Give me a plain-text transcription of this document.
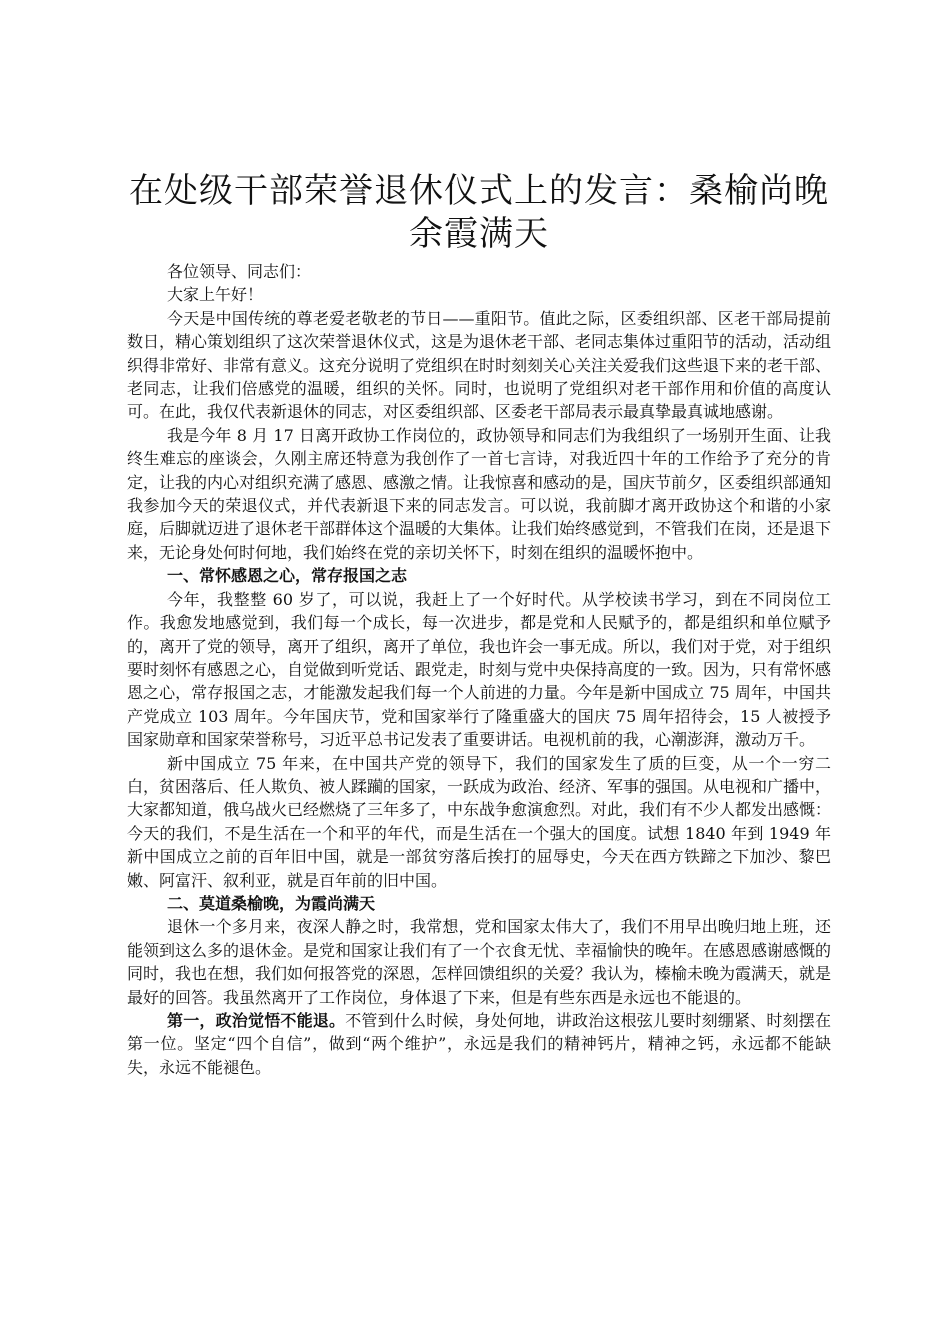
在处级干部荣誉退休仪式上的发言：桑榆尚晚余霞满天

各位领导、同志们：

大家上午好！

今天是中国传统的尊老爱老敬老的节日——重阳节。值此之际，区委组织部、区老干部局提前数日，精心策划组织了这次荣誉退休仪式，这是为退休老干部、老同志集体过重阳节的活动，活动组织得非常好、非常有意义。这充分说明了党组织在时时刻刻关心关注关爱我们这些退下来的老干部、老同志，让我们倍感党的温暖，组织的关怀。同时，也说明了党组织对老干部作用和价值的高度认可。在此，我仅代表新退休的同志，对区委组织部、区委老干部局表示最真挚最真诚地感谢。

我是今年 8 月 17 日离开政协工作岗位的，政协领导和同志们为我组织了一场别开生面、让我终生难忘的座谈会，久刚主席还特意为我创作了一首七言诗，对我近四十年的工作给予了充分的肯定，让我的内心对组织充满了感恩、感激之情。让我惊喜和感动的是，国庆节前夕，区委组织部通知我参加今天的荣退仪式，并代表新退下来的同志发言。可以说，我前脚才离开政协这个和谐的小家庭，后脚就迈进了退休老干部群体这个温暖的大集体。让我们始终感觉到，不管我们在岗，还是退下来，无论身处何时何地，我们始终在党的亲切关怀下，时刻在组织的温暖怀抱中。

一、常怀感恩之心，常存报国之志

今年，我整整 60 岁了，可以说，我赶上了一个好时代。从学校读书学习，到在不同岗位工作。我愈发地感觉到，我们每一个成长，每一次进步，都是党和人民赋予的，都是组织和单位赋予的，离开了党的领导，离开了组织，离开了单位，我也许会一事无成。所以，我们对于党，对于组织要时刻怀有感恩之心，自觉做到听党话、跟党走，时刻与党中央保持高度的一致。因为，只有常怀感恩之心，常存报国之志，才能激发起我们每一个人前进的力量。今年是新中国成立 75 周年，中国共产党成立 103 周年。今年国庆节，党和国家举行了隆重盛大的国庆 75 周年招待会，15 人被授予国家勋章和国家荣誉称号，习近平总书记发表了重要讲话。电视机前的我，心潮澎湃，激动万千。

新中国成立 75 年来，在中国共产党的领导下，我们的国家发生了质的巨变，从一个一穷二白，贫困落后、任人欺负、被人蹂躏的国家，一跃成为政治、经济、军事的强国。从电视和广播中，大家都知道，俄乌战火已经燃烧了三年多了，中东战争愈演愈烈。对此，我们有不少人都发出感慨：今天的我们，不是生活在一个和平的年代，而是生活在一个强大的国度。试想 1840 年到 1949 年新中国成立之前的百年旧中国，就是一部贫穷落后挨打的屈辱史，今天在西方铁蹄之下加沙、黎巴嫩、阿富汗、叙利亚，就是百年前的旧中国。

二、莫道桑榆晚，为霞尚满天

退休一个多月来，夜深人静之时，我常想，党和国家太伟大了，我们不用早出晚归地上班，还能领到这么多的退休金。是党和国家让我们有了一个衣食无忧、幸福愉快的晚年。在感恩感谢感慨的同时，我也在想，我们如何报答党的深恩，怎样回馈组织的关爱？我认为，榛榆未晚为霞满天，就是最好的回答。我虽然离开了工作岗位，身体退了下来，但是有些东西是永远也不能退的。

第一，政治觉悟不能退。不管到什么时候，身处何地，讲政治这根弦儿要时刻绷紧、时刻摆在第一位。坚定“四个自信”，做到“两个维护”，永远是我们的精神钙片，精神之钙，永远都不能缺失，永远不能褪色。
